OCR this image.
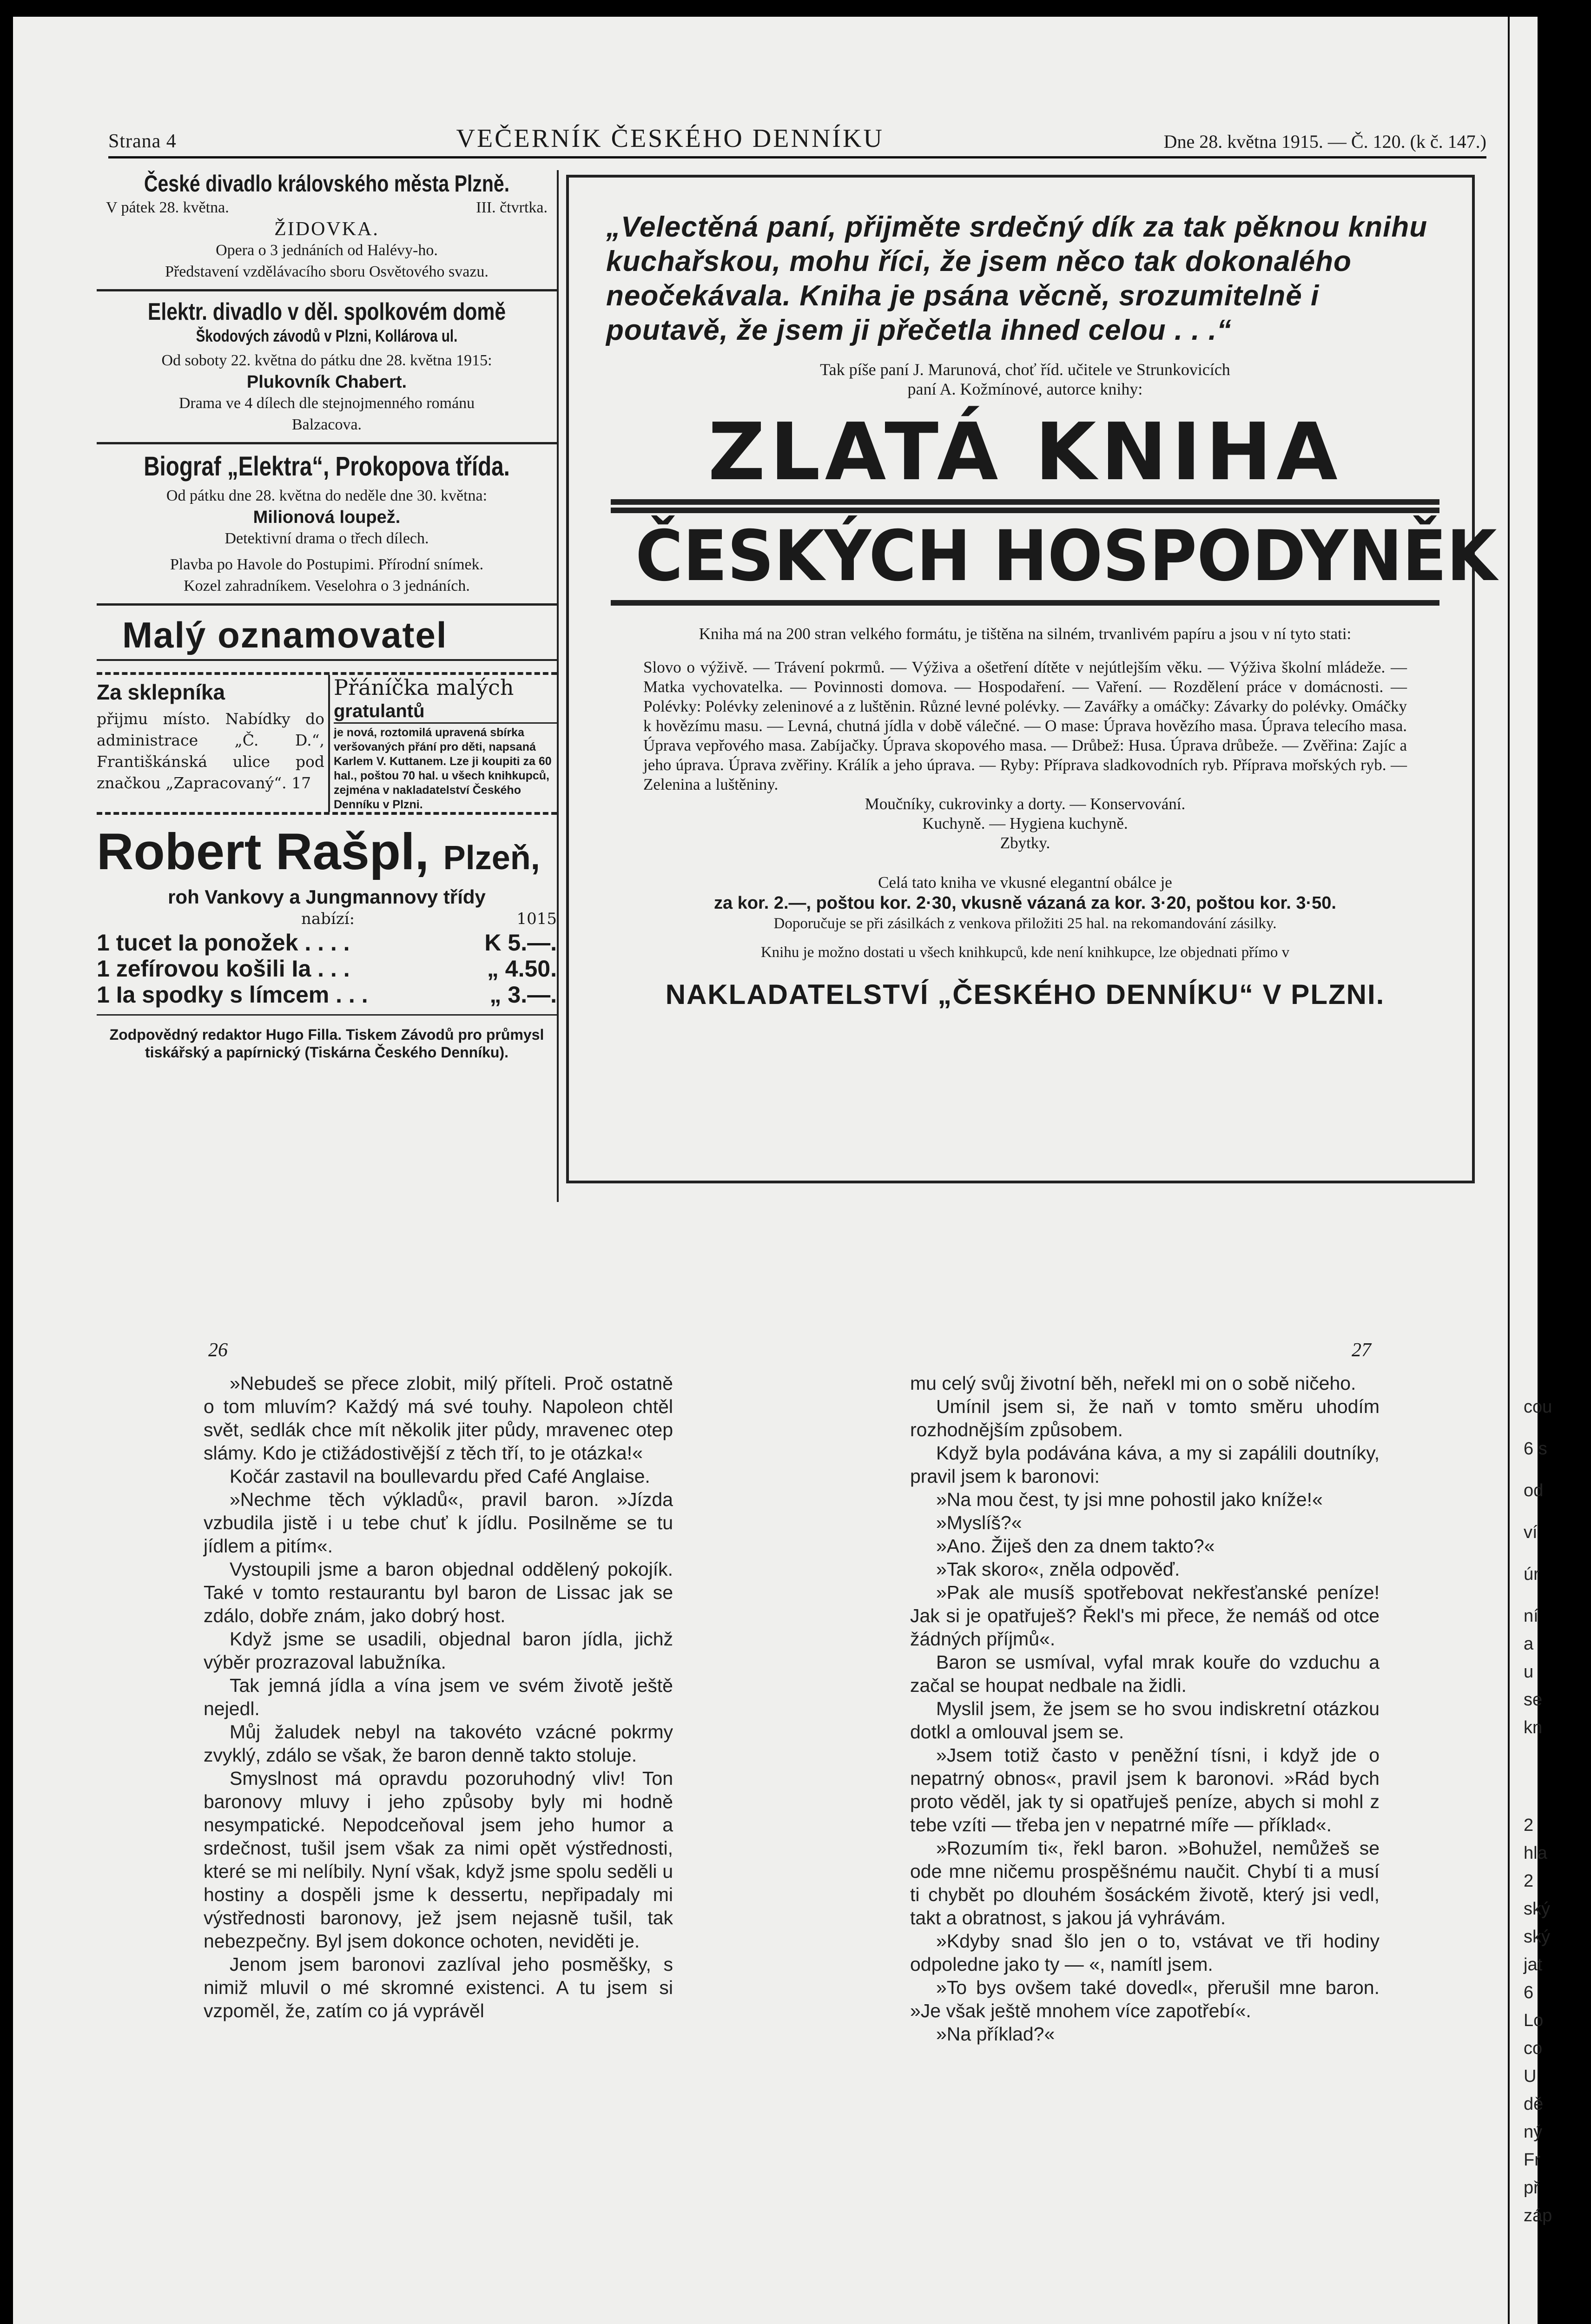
cou
6 s
od
ví
úr
ní
a
u
se
kn
2
hla
2
ský
ský
jat
6
Lo
co
U
dě
ný
Fr
př
záp
Strana 4	VEČERNÍK ČESKÉHO DENNÍKU	Dne 28. května 1915. — Č. 120. (k č. 147.)
České divadlo královského města Plzně.
V pátek 28. května.	III. čtvrtka.
ŽIDOVKA.
Opera o 3 jednáních od Halévy-ho.
Představení vzdělávacího sboru Osvětového svazu.
Elektr. divadlo v děl. spolkovém domě
Škodových závodů v Plzni, Kollárova ul.
Od soboty 22. května do pátku dne 28. května 1915:
Plukovník Chabert.
Drama ve 4 dílech dle stejnojmenného románu
Balzacova.
Biograf „Elektra“, Prokopova třída.
Od pátku dne 28. května do neděle dne 30. května:
Milionová loupež.
Detektivní drama o třech dílech.
Plavba po Havole do Postupimi. Přírodní snímek.
Kozel zahradníkem. Veselohra o 3 jednáních.
Malý oznamovatel
Za sklepníka

přijmu místo. Nabídky do administrace „Č. D.“, Františkánská ulice pod značkou „Zapracovaný“. 17

Přáníčka malých
gratulantů

je nová, roztomilá upravená sbírka veršovaných přání pro děti, napsaná Karlem V. Kuttanem. Lze ji koupiti za 60 hal., poštou 70 hal. u všech knihkupců, zejména v nakladatelství Českého Denníku v Plzni.

Robert Rašpl, Plzeň,
roh Vankovy a Jungmannovy třídy
nabízí:	1015
1 tucet Ia ponožek . . . .	K 5.—.
1 zefírovou košili Ia . . .	„ 4.50.
1 Ia spodky s límcem . . .	„ 3.—.
Zodpovědný redaktor Hugo Filla. Tiskem Závodů pro průmysl tiskářský a papírnický (Tiskárna Českého Denníku).
„Velectěná paní, přijměte srdečný dík za tak pěknou knihu kuchařskou, mohu říci, že jsem něco tak dokonalého neočekávala. Kniha je psána věcně, srozumitelně i poutavě, že jsem ji přečetla ihned celou . . .“
Tak píše paní J. Marunová, choť říd. učitele ve Strunkovicích
paní A. Kožmínové, autorce knihy:
ZLATÁ KNIHA
ČESKÝCH HOSPODYNĚK
Kniha má na 200 stran velkého formátu, je tištěna na silném, trvanlivém papíru a jsou v ní tyto stati:
Slovo o výživě. — Trávení pokrmů. — Výživa a ošetření dítěte v nejútlejším věku. — Výživa školní mládeže. — Matka vychovatelka. — Povinnosti domova. — Hospodaření. — Vaření. — Rozdělení práce v domácnosti. — Polévky: Polévky zeleninové a z luštěnin. Různé levné polévky. — Zavářky a omáčky: Závarky do polévky. Omáčky k hovězímu masu. — Levná, chutná jídla v době válečné. — O mase: Úprava hovězího masa. Úprava telecího masa. Úprava vepřového masa. Zabíjačky. Úprava skopového masa. — Drůbež: Husa. Úprava drůbeže. — Zvěřina: Zajíc a jeho úprava. Úprava zvěřiny. Králík a jeho úprava. — Ryby: Příprava sladkovodních ryb. Příprava mořských ryb. — Zelenina a luštěniny.
Moučníky, cukrovinky a dorty. — Konservování.
Kuchyně. — Hygiena kuchyně.
Zbytky.
Celá tato kniha ve vkusné elegantní obálce je
za kor. 2.—, poštou kor. 2·30, vkusně vázaná za kor. 3·20, poštou kor. 3·50.
Doporučuje se při zásilkách z venkova přiložiti 25 hal. na rekomandování zásilky.
Knihu je možno dostati u všech knihkupců, kde není knihkupce, lze objednati přímo v
NAKLADATELSTVÍ „ČESKÉHO DENNÍKU“ V PLZNI.
26	27

»Nebudeš se přece zlobit, milý příteli. Proč ostatně o tom mluvím? Každý má své touhy. Napoleon chtěl svět, sedlák chce mít několik jiter půdy, mravenec otep slámy. Kdo je ctižádostivější z těch tří, to je otázka!«

Kočár zastavil na boullevardu před Café Anglaise.

»Nechme těch výkladů«, pravil baron. »Jízda vzbudila jistě i u tebe chuť k jídlu. Posilněme se tu jídlem a pitím«.

Vystoupili jsme a baron objednal oddělený pokojík. Také v tomto restaurantu byl baron de Lissac jak se zdálo, dobře znám, jako dobrý host.

Když jsme se usadili, objednal baron jídla, jichž výběr prozrazoval labužníka.

Tak jemná jídla a vína jsem ve svém životě ještě nejedl.

Můj žaludek nebyl na takovéto vzácné pokrmy zvyklý, zdálo se však, že baron denně takto stoluje.

Smyslnost má opravdu pozoruhodný vliv! Ton baronovy mluvy i jeho způsoby byly mi hodně nesympatické. Nepodceňoval jsem jeho humor a srdečnost, tušil jsem však za nimi opět výstřednosti, které se mi nelíbily. Nyní však, když jsme spolu seděli u hostiny a dospěli jsme k dessertu, nepřipadaly mi výstřednosti baronovy, jež jsem nejasně tušil, tak nebezpečny. Byl jsem dokonce ochoten, neviděti je.

Jenom jsem baronovi zazlíval jeho posměšky, s nimiž mluvil o mé skromné existenci. A tu jsem si vzpoměl, že, zatím co já vyprávěl

mu celý svůj životní běh, neřekl mi on o sobě ničeho.

Umínil jsem si, že naň v tomto směru uhodím rozhodnějším způsobem.

Když byla podávána káva, a my si zapálili doutníky, pravil jsem k baronovi:

»Na mou čest, ty jsi mne pohostil jako kníže!«

»Myslíš?«

»Ano. Žiješ den za dnem takto?«

»Tak skoro«, zněla odpověď.

»Pak ale musíš spotřebovat nekřesťanské peníze! Jak si je opatřuješ? Řekl's mi přece, že nemáš od otce žádných příjmů«.

Baron se usmíval, vyfal mrak kouře do vzduchu a začal se houpat nedbale na židli.

Myslil jsem, že jsem se ho svou indiskretní otázkou dotkl a omlouval jsem se.

»Jsem totiž často v peněžní tísni, i když jde o nepatrný obnos«, pravil jsem k baronovi. »Rád bych proto věděl, jak ty si opatřuješ peníze, abych si mohl z tebe vzíti — třeba jen v nepatrné míře — příklad«.

»Rozumím ti«, řekl baron. »Bohužel, nemůžeš se ode mne ničemu prospěšnému naučit. Chybí ti a musí ti chybět po dlouhém šosáckém životě, který jsi vedl, takt a obratnost, s jakou já vyhrávám.

»Kdyby snad šlo jen o to, vstávat ve tři hodiny odpoledne jako ty — «, namítl jsem.

»To bys ovšem také dovedl«, přerušil mne baron. »Je však ještě mnohem více zapotřebí«.

»Na příklad?«
